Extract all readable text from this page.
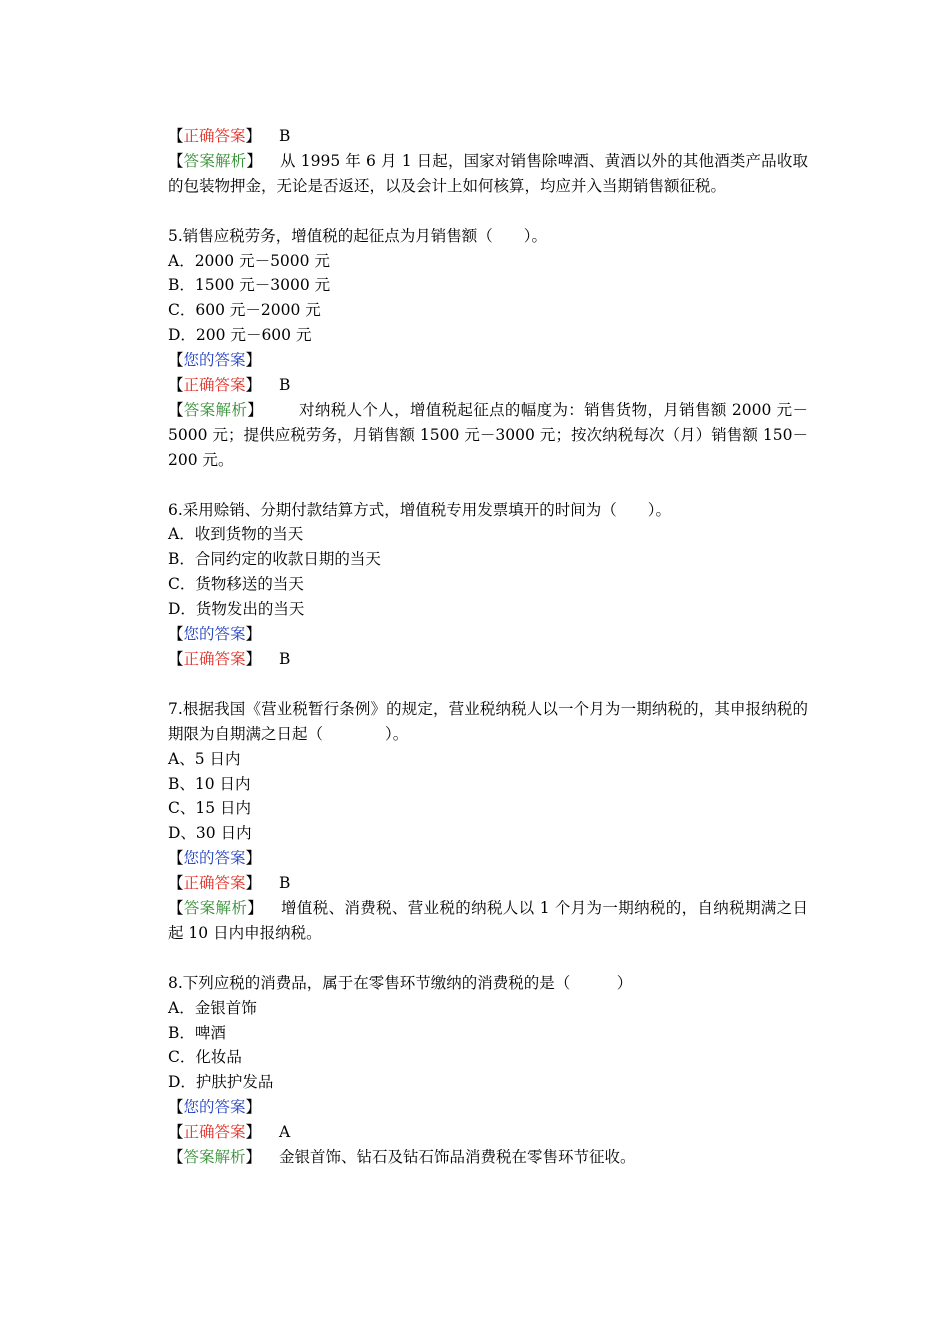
【正确答案】 B
【答案解析】 从 1995 年 6 月 1 日起，国家对销售除啤酒、黄酒以外的其他酒类产品收取的包装物押金，无论是否返还，以及会计上如何核算，均应并入当期销售额征税。
5.销售应税劳务，增值税的起征点为月销售额（　　）。
A．2000 元－5000 元
B．1500 元－3000 元
C．600 元－2000 元
D．200 元－600 元
【您的答案】
【正确答案】 B
【答案解析】 对纳税人个人，增值税起征点的幅度为：销售货物，月销售额 2000 元－5000 元；提供应税劳务，月销售额 1500 元－3000 元；按次纳税每次（月）销售额 150－200 元。
6.采用赊销、分期付款结算方式，增值税专用发票填开的时间为（　　）。
A．收到货物的当天
B．合同约定的收款日期的当天
C．货物移送的当天
D．货物发出的当天
【您的答案】
【正确答案】 B
7.根据我国《营业税暂行条例》的规定，营业税纳税人以一个月为一期纳税的，其申报纳税的期限为自期满之日起（　　　　）。
A、5 日内
B、10 日内
C、15 日内
D、30 日内
【您的答案】
【正确答案】 B
【答案解析】 增值税、消费税、营业税的纳税人以 1 个月为一期纳税的，自纳税期满之日起 10 日内申报纳税。
8.下列应税的消费品，属于在零售环节缴纳的消费税的是（　　　）
A．金银首饰
B．啤酒
C．化妆品
D．护肤护发品
【您的答案】
【正确答案】 A
【答案解析】 金银首饰、钻石及钻石饰品消费税在零售环节征收。
